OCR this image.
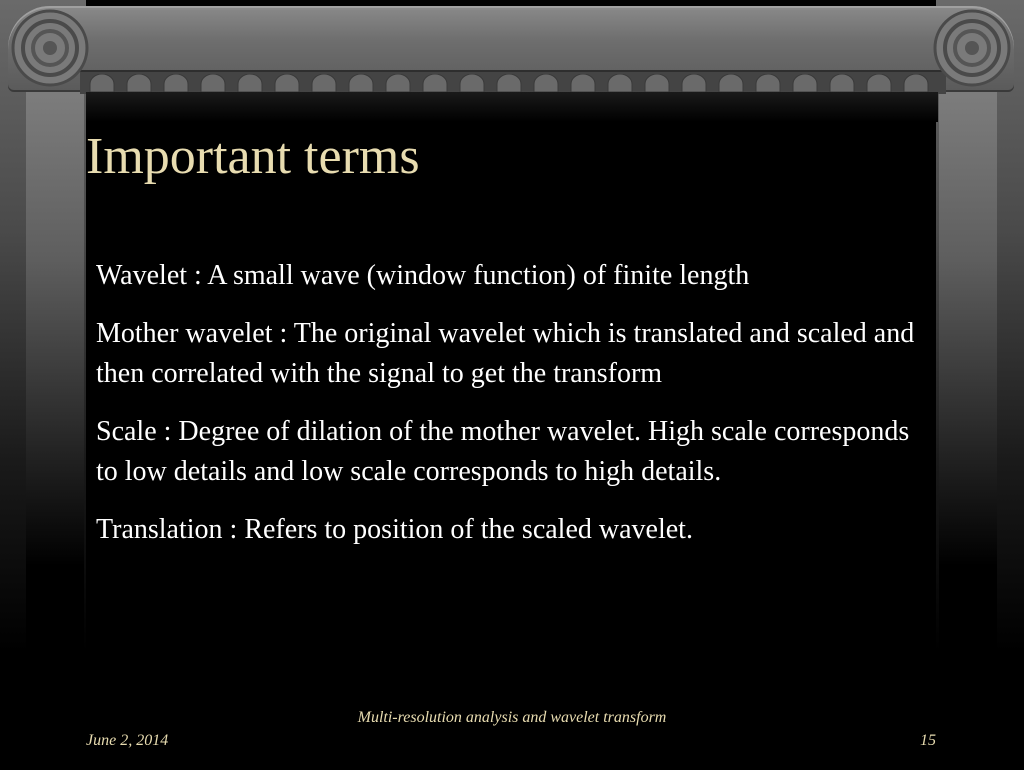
Important terms

Wavelet : A small wave (window function) of finite length

Mother wavelet : The original wavelet which is translated and scaled and then correlated with the signal to get the transform

Scale : Degree of dilation of the mother wavelet. High scale corresponds to low details and low scale corresponds to high details.

Translation : Refers to position of the scaled wavelet.

June 2, 2014
Multi-resolution analysis and wavelet transform
15
